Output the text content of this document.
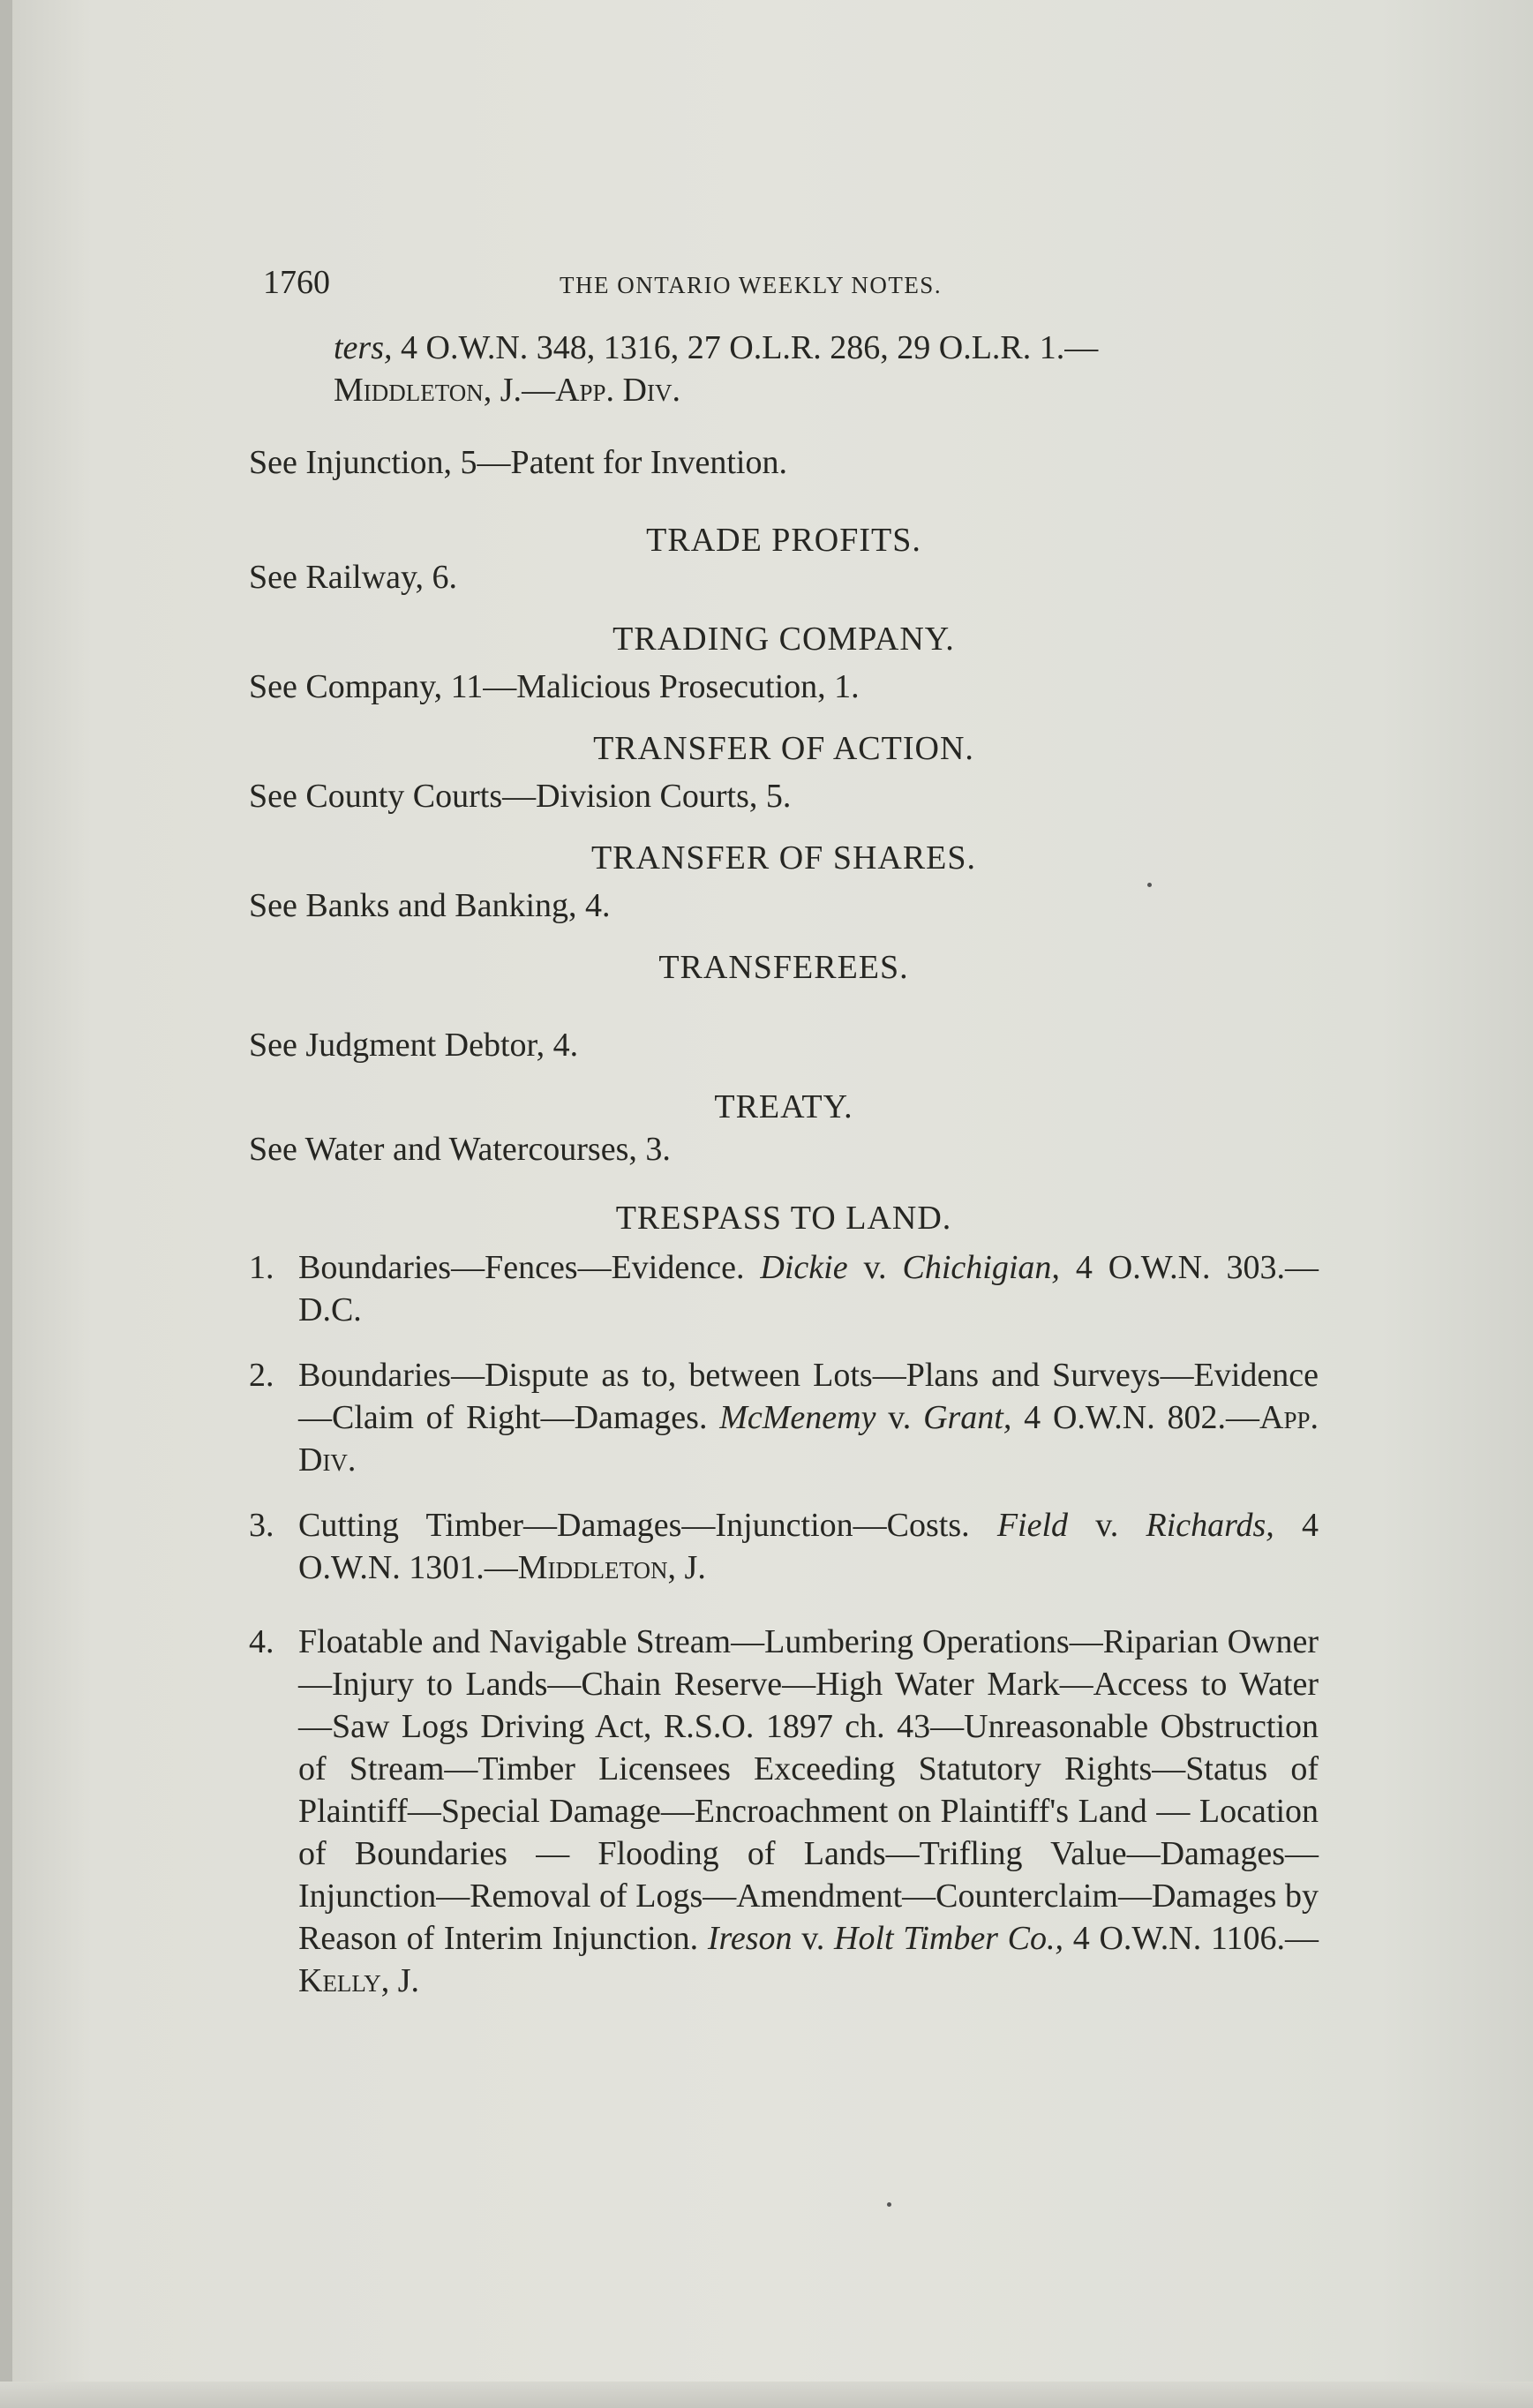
1760	THE ONTARIO WEEKLY NOTES.

ters, 4 O.W.N. 348, 1316, 27 O.L.R. 286, 29 O.L.R. 1.—
Middleton, J.—App. Div.

See Injunction, 5—Patent for Invention.

TRADE PROFITS.

See Railway, 6.

TRADING COMPANY.

See Company, 11—Malicious Prosecution, 1.

TRANSFER OF ACTION.

See County Courts—Division Courts, 5.

TRANSFER OF SHARES.

See Banks and Banking, 4.

TRANSFEREES.

See Judgment Debtor, 4.

TREATY.

See Water and Watercourses, 3.

TRESPASS TO LAND.
1. Boundaries—Fences—Evidence. Dickie v. Chichigian, 4 O.W.N. 303.—D.C.
2. Boundaries—Dispute as to, between Lots—Plans and Surveys—Evidence—Claim of Right—Damages. McMenemy v. Grant, 4 O.W.N. 802.—App. Div.
3. Cutting Timber—Damages—Injunction—Costs. Field v. Richards, 4 O.W.N. 1301.—Middleton, J.
4. Floatable and Navigable Stream—Lumbering Operations—Riparian Owner—Injury to Lands—Chain Reserve—High Water Mark—Access to Water—Saw Logs Driving Act, R.S.O. 1897 ch. 43—Unreasonable Obstruction of Stream—Timber Licensees Exceeding Statutory Rights—Status of Plaintiff—Special Damage—Encroachment on Plaintiff's Land — Location of Boundaries — Flooding of Lands—Trifling Value—Damages—Injunction—Removal of Logs—Amendment—Counterclaim—Damages by Reason of Interim Injunction. Ireson v. Holt Timber Co., 4 O.W.N. 1106.—Kelly, J.
